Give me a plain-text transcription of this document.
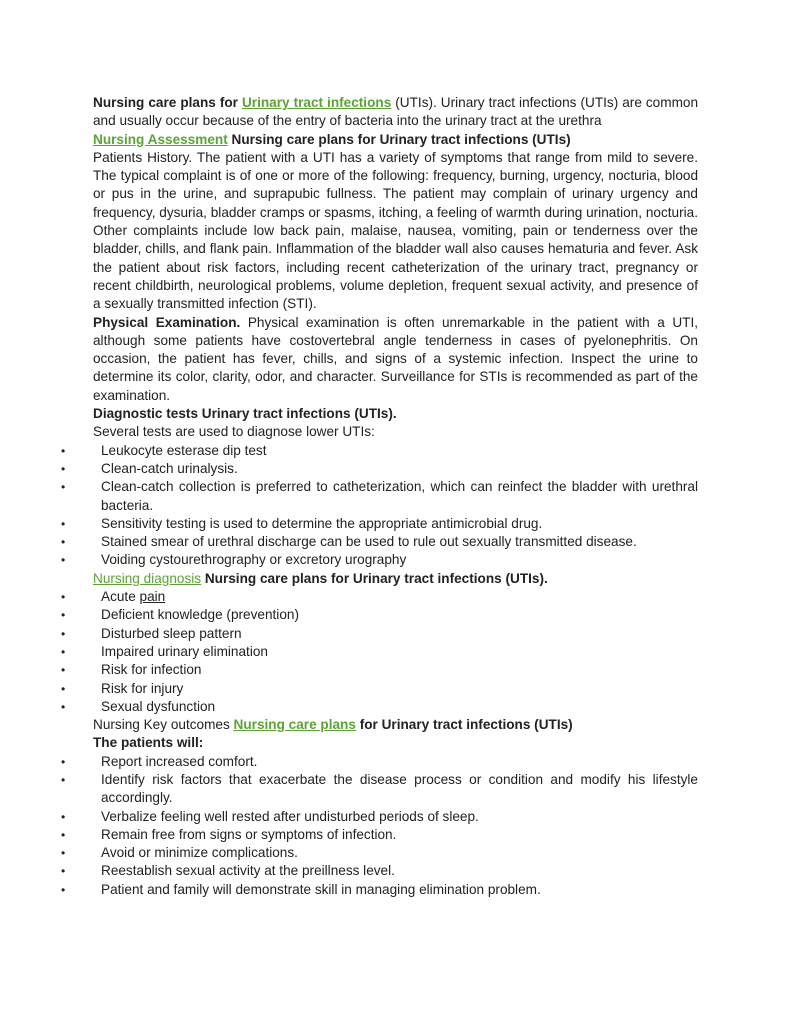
Nursing care plans for Urinary tract infections (UTIs). Urinary tract infections (UTIs) are common and usually occur because of the entry of bacteria into the urinary tract at the urethra

Nursing Assessment Nursing care plans for Urinary tract infections (UTIs)

Patients History. The patient with a UTI has a variety of symptoms that range from mild to severe. The typical complaint is of one or more of the following: frequency, burning, urgency, nocturia, blood or pus in the urine, and suprapubic fullness. The patient may complain of urinary urgency and frequency, dysuria, bladder cramps or spasms, itching, a feeling of warmth during urination, nocturia. Other complaints include low back pain, malaise, nausea, vomiting, pain or tenderness over the bladder, chills, and flank pain. Inflammation of the bladder wall also causes hematuria and fever. Ask the patient about risk factors, including recent catheterization of the urinary tract, pregnancy or recent childbirth, neurological problems, volume depletion, frequent sexual activity, and presence of a sexually transmitted infection (STI).

Physical Examination. Physical examination is often unremarkable in the patient with a UTI, although some patients have costovertebral angle tenderness in cases of pyelonephritis. On occasion, the patient has fever, chills, and signs of a systemic infection. Inspect the urine to determine its color, clarity, odor, and character. Surveillance for STIs is recommended as part of the examination.

Diagnostic tests Urinary tract infections (UTIs).

Several tests are used to diagnose lower UTIs:

• Leukocyte esterase dip test
• Clean-catch urinalysis.
• Clean-catch collection is preferred to catheterization, which can reinfect the bladder with urethral bacteria.
• Sensitivity testing is used to determine the appropriate antimicrobial drug.
• Stained smear of urethral discharge can be used to rule out sexually transmitted disease.
• Voiding cystourethrography or excretory urography

Nursing diagnosis Nursing care plans for Urinary tract infections (UTIs).

• Acute pain
• Deficient knowledge (prevention)
• Disturbed sleep pattern
• Impaired urinary elimination
• Risk for infection
• Risk for injury
• Sexual dysfunction

Nursing Key outcomes Nursing care plans for Urinary tract infections (UTIs)

The patients will:

• Report increased comfort.
• Identify risk factors that exacerbate the disease process or condition and modify his lifestyle accordingly.
• Verbalize feeling well rested after undisturbed periods of sleep.
• Remain free from signs or symptoms of infection.
• Avoid or minimize complications.
• Reestablish sexual activity at the preillness level.
• Patient and family will demonstrate skill in managing elimination problem.
